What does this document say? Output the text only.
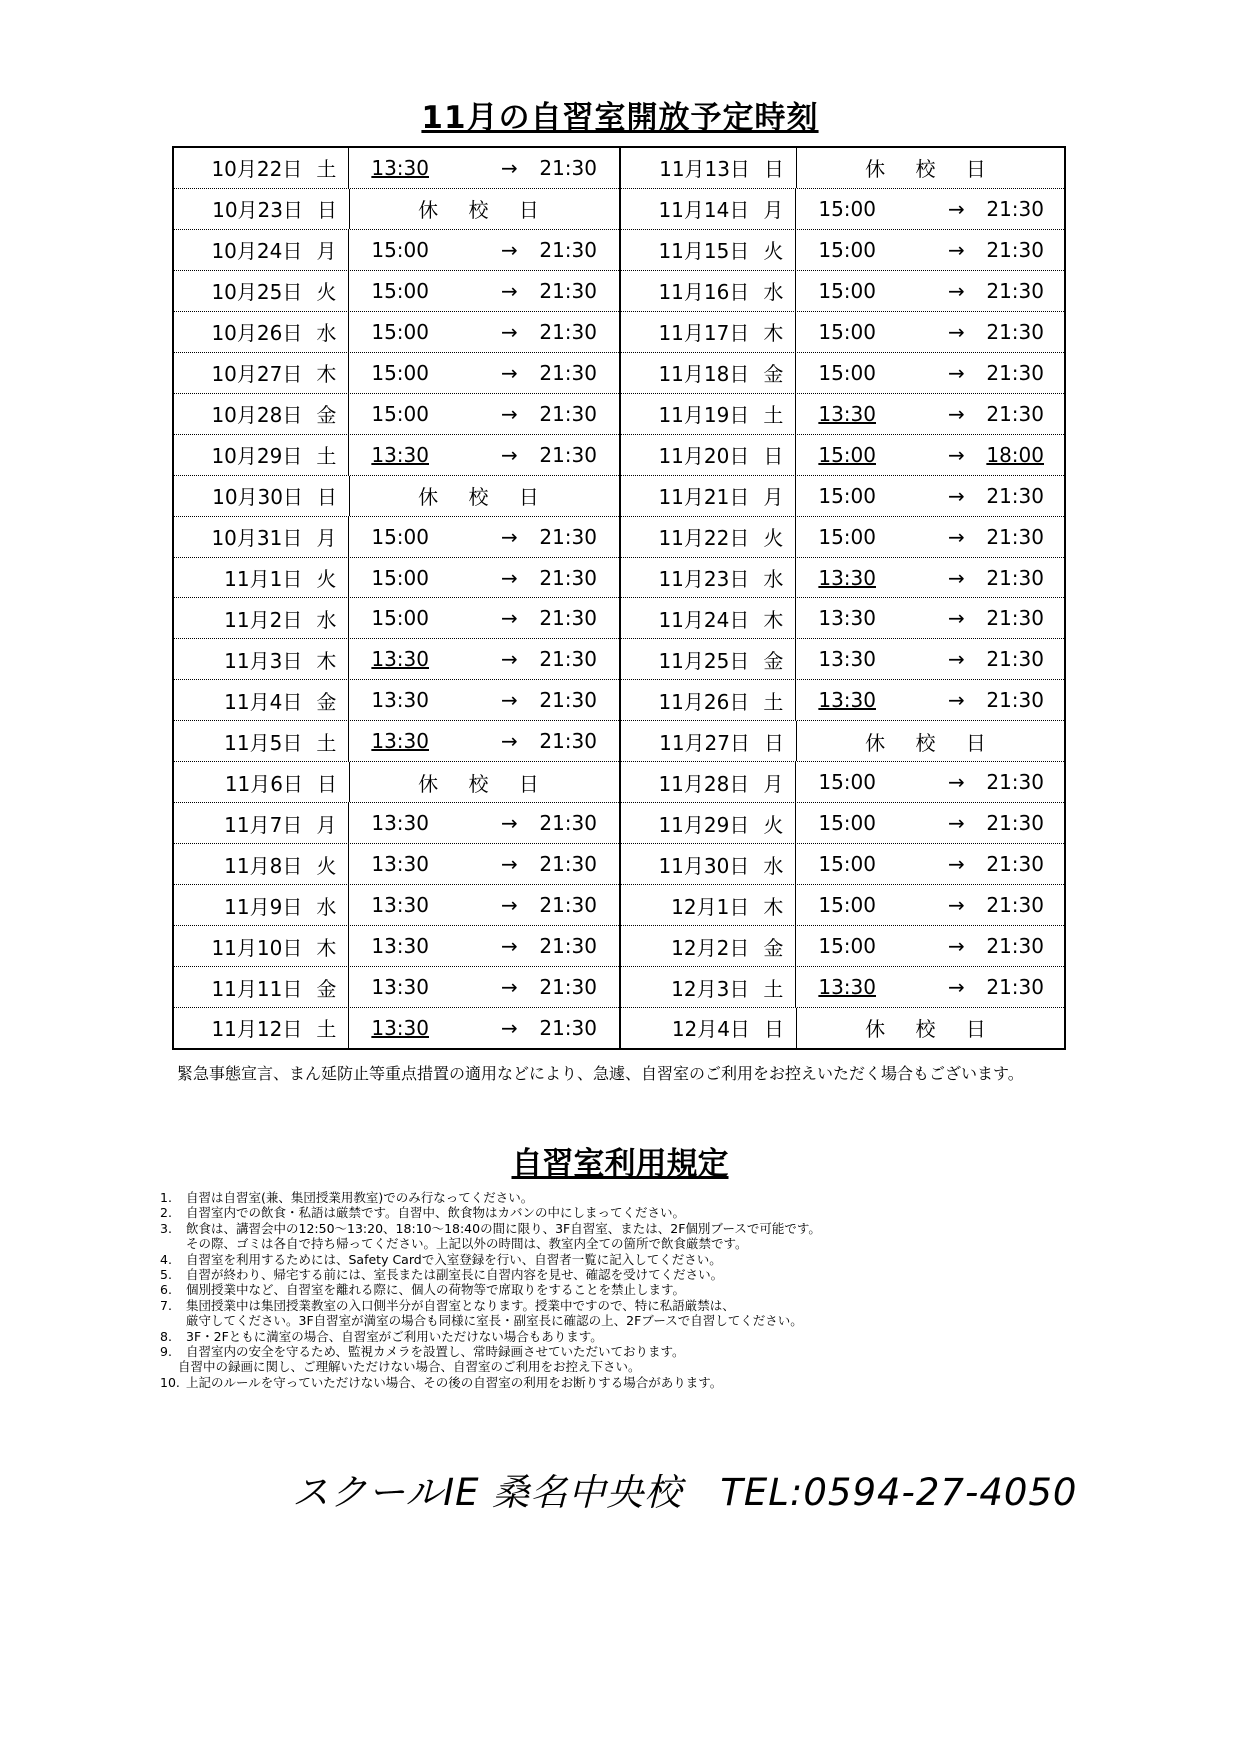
11月の自習室開放予定時刻
10月22日 土	13:30	→	21:30
10月23日 日	休 校 日
10月24日 月	15:00	→	21:30
10月25日 火	15:00	→	21:30
10月26日 水	15:00	→	21:30
10月27日 木	15:00	→	21:30
10月28日 金	15:00	→	21:30
10月29日 土	13:30	→	21:30
10月30日 日	休 校 日
10月31日 月	15:00	→	21:30
11月1日 火	15:00	→	21:30
11月2日 水	15:00	→	21:30
11月3日 木	13:30	→	21:30
11月4日 金	13:30	→	21:30
11月5日 土	13:30	→	21:30
11月6日 日	休 校 日
11月7日 月	13:30	→	21:30
11月8日 火	13:30	→	21:30
11月9日 水	13:30	→	21:30
11月10日 木	13:30	→	21:30
11月11日 金	13:30	→	21:30
11月12日 土	13:30	→	21:30
11月13日 日	休 校 日
11月14日 月	15:00	→	21:30
11月15日 火	15:00	→	21:30
11月16日 水	15:00	→	21:30
11月17日 木	15:00	→	21:30
11月18日 金	15:00	→	21:30
11月19日 土	13:30	→	21:30
11月20日 日	15:00	→	18:00
11月21日 月	15:00	→	21:30
11月22日 火	15:00	→	21:30
11月23日 水	13:30	→	21:30
11月24日 木	13:30	→	21:30
11月25日 金	13:30	→	21:30
11月26日 土	13:30	→	21:30
11月27日 日	休 校 日
11月28日 月	15:00	→	21:30
11月29日 火	15:00	→	21:30
11月30日 水	15:00	→	21:30
12月1日 木	15:00	→	21:30
12月2日 金	15:00	→	21:30
12月3日 土	13:30	→	21:30
12月4日 日	休 校 日
緊急事態宣言、まん延防止等重点措置の適用などにより、急遽、自習室のご利用をお控えいただく場合もございます。
自習室利用規定
1.	自習は自習室(兼、集団授業用教室)でのみ行なってください。
2.	自習室内での飲食・私語は厳禁です。自習中、飲食物はカバンの中にしまってください。
3.	飲食は、講習会中の12:50～13:20、18:10～18:40の間に限り、3F自習室、または、2F個別ブースで可能です。
その際、ゴミは各自で持ち帰ってください。上記以外の時間は、教室内全ての箇所で飲食厳禁です。
4.	自習室を利用するためには、Safety Cardで入室登録を行い、自習者一覧に記入してください。
5.	自習が終わり、帰宅する前には、室長または副室長に自習内容を見せ、確認を受けてください。
6.	個別授業中など、自習室を離れる際に、個人の荷物等で席取りをすることを禁止します。
7.	集団授業中は集団授業教室の入口側半分が自習室となります。授業中ですので、特に私語厳禁は、
厳守してください。3F自習室が満室の場合も同様に室長・副室長に確認の上、2Fブースで自習してください。
8.	3F・2Fともに満室の場合、自習室がご利用いただけない場合もあります。
9.	自習室内の安全を守るため、監視カメラを設置し、常時録画させていただいております。
自習中の録画に関し、ご理解いただけない場合、自習室のご利用をお控え下さい。
10. 上記のルールを守っていただけない場合、その後の自習室の利用をお断りする場合があります。
スクールIE 桑名中央校　TEL:0594-27-4050
